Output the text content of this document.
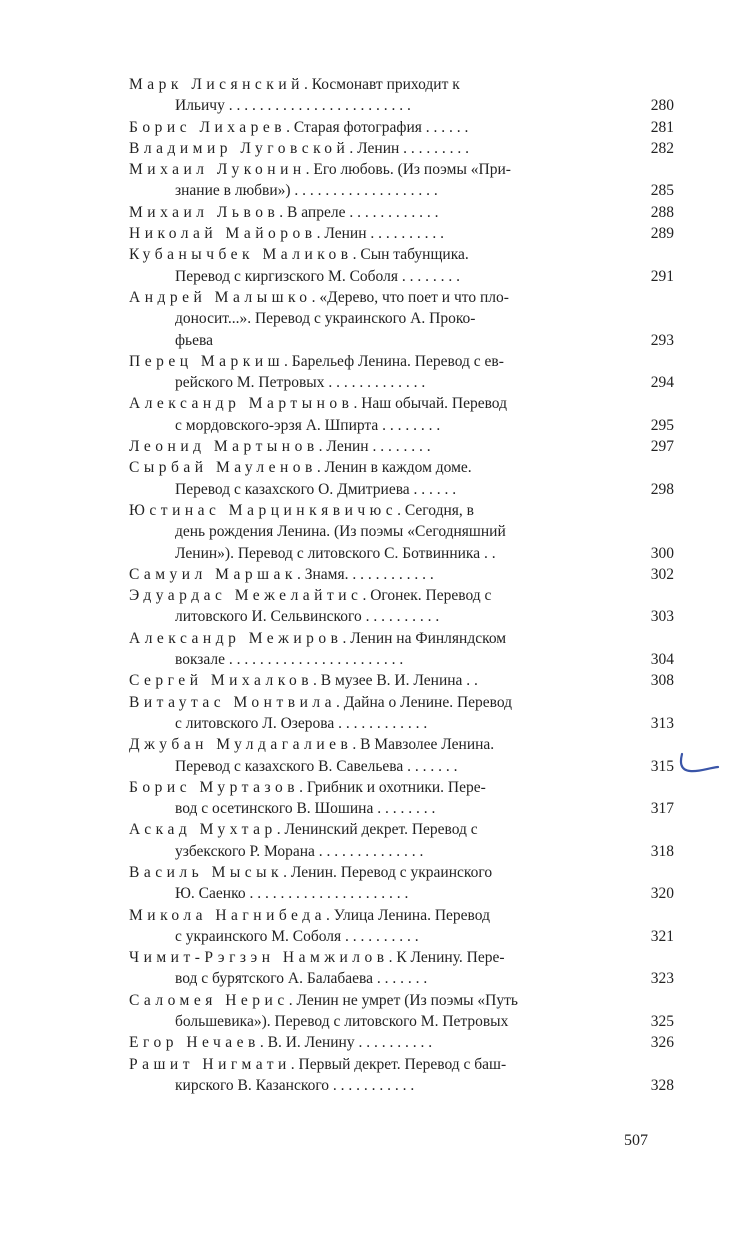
Марк Лисянский. Космонавт приходит к
Ильичу . . . . . . . . . . . . . . . . . . . . . . . .	280
Борис Лихарев. Старая фотография . . . . . .	281
Владимир Луговской. Ленин . . . . . . . . .	282
Михаил Луконин. Его любовь. (Из поэмы «При-
знание в любви») . . . . . . . . . . . . . . . . . . .	285
Михаил Львов. В апреле . . . . . . . . . . . .	288
Николай Майоров. Ленин . . . . . . . . . .	289
Кубанычбек Маликов. Сын табунщика.
Перевод с киргизского М. Соболя . . . . . . . .	291
Андрей Малышко. «Дерево, что поет и что пло-
доносит...». Перевод с украинского А. Проко-
фьева	293
Перец Маркиш. Барельеф Ленина. Перевод с ев-
рейского М. Петровых . . . . . . . . . . . . .	294
Александр Мартынов. Наш обычай. Перевод
с мордовского-эрзя А. Шпирта . . . . . . . .	295
Леонид Мартынов. Ленин . . . . . . . .	297
Сырбай Мауленов. Ленин в каждом доме.
Перевод с казахского О. Дмитриева . . . . . .	298
Юстинас Марцинкявичюс. Сегодня, в
день рождения Ленина. (Из поэмы «Сегодняшний
Ленин»). Перевод с литовского С. Ботвинника . .	300
Самуил Маршак. Знамя. . . . . . . . . . . .	302
Эдуардас Межелайтис. Огонек. Перевод с
литовского И. Сельвинского . . . . . . . . . .	303
Александр Межиров. Ленин на Финляндском
вокзале . . . . . . . . . . . . . . . . . . . . . . .	304
Сергей Михалков. В музее В. И. Ленина . .	308
Витаутас Монтвила. Дайна о Ленине. Перевод
с литовского Л. Озерова . . . . . . . . . . . .	313
Джубан Мулдагалиев. В Мавзолее Ленина.
Перевод с казахского В. Савельева . . . . . . .	315
Борис Муртазов. Грибник и охотники. Пере-
вод с осетинского В. Шошина . . . . . . . .	317
Аскад Мухтар. Ленинский декрет. Перевод с
узбекского Р. Морана . . . . . . . . . . . . . .	318
Василь Мысык. Ленин. Перевод с украинского
Ю. Саенко . . . . . . . . . . . . . . . . . . . . .	320
Микола Нагнибеда. Улица Ленина. Перевод
с украинского М. Соболя . . . . . . . . . .	321
Чимит-Рэгзэн Намжилов. К Ленину. Пере-
вод с бурятского А. Балабаева . . . . . . .	323
Саломея Нерис. Ленин не умрет (Из поэмы «Путь
большевика»). Перевод с литовского М. Петровых	325
Егор Нечаев. В. И. Ленину . . . . . . . . . .	326
Рашит Нигмати. Первый декрет. Перевод с баш-
кирского В. Казанского . . . . . . . . . . .	328
507
